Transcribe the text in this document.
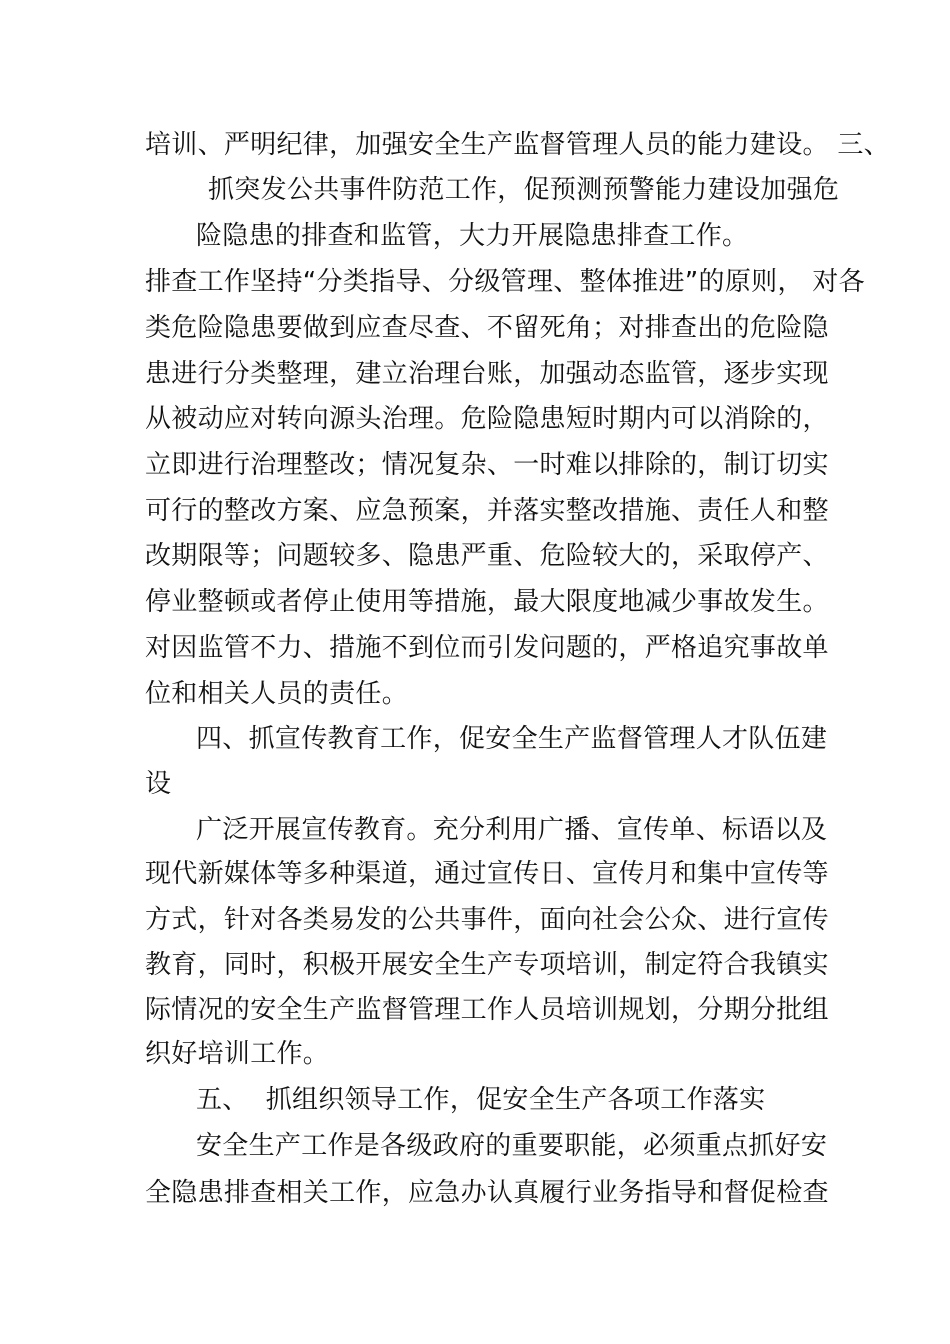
培训、严明纪律，加强安全生产监督管理人员的能力建设。 三、
抓突发公共事件防范工作，促预测预警能力建设加强危
险隐患的排查和监管，大力开展隐患排查工作。
排查工作坚持“分类指导、分级管理、整体推进”的原则， 对各
类危险隐患要做到应查尽查、不留死角；对排查出的危险隐
患进行分类整理，建立治理台账，加强动态监管，逐步实现
从被动应对转向源头治理。危险隐患短时期内可以消除的，
立即进行治理整改；情况复杂、一时难以排除的，制订切实
可行的整改方案、应急预案，并落实整改措施、责任人和整
改期限等；问题较多、隐患严重、危险较大的，采取停产、
停业整顿或者停止使用等措施，最大限度地减少事故发生。
对因监管不力、措施不到位而引发问题的，严格追究事故单
位和相关人员的责任。
四、抓宣传教育工作，促安全生产监督管理人才队伍建
设
广泛开展宣传教育。充分利用广播、宣传单、标语以及
现代新媒体等多种渠道，通过宣传日、宣传月和集中宣传等
方式，针对各类易发的公共事件，面向社会公众、进行宣传
教育，同时，积极开展安全生产专项培训，制定符合我镇实
际情况的安全生产监督管理工作人员培训规划，分期分批组
织好培训工作。
五、  抓组织领导工作，促安全生产各项工作落实
安全生产工作是各级政府的重要职能，必须重点抓好安
全隐患排查相关工作，应急办认真履行业务指导和督促检查
